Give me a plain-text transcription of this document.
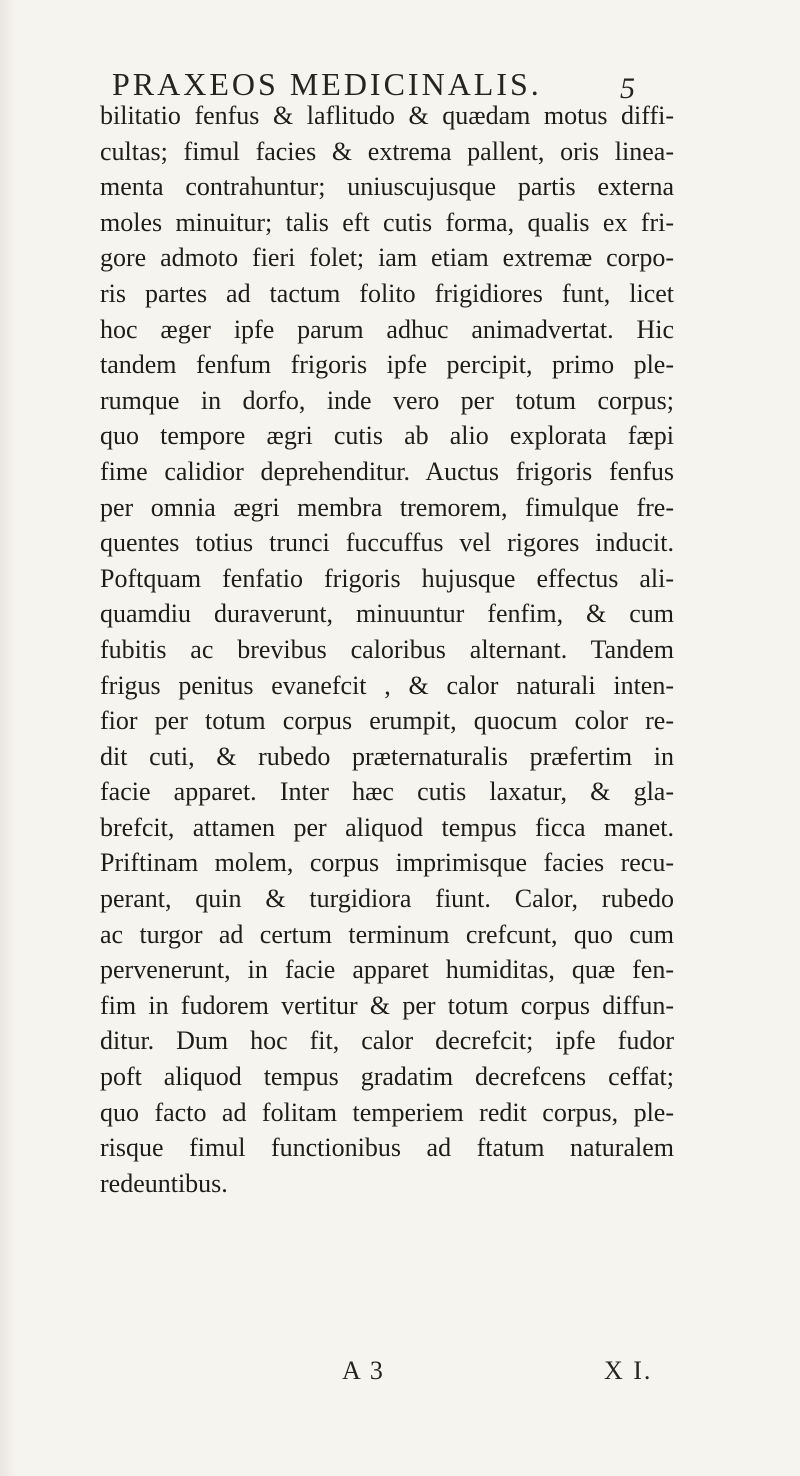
PRAXEOS MEDICINALIS.	5
bilitatio fenfus & laflitudo & quædam motus diffi-
cultas; fimul facies & extrema pallent, oris linea-
menta contrahuntur; uniuscujusque partis externa
moles minuitur; talis eft cutis forma, qualis ex fri-
gore admoto fieri folet; iam etiam extremæ corpo-
ris partes ad tactum folito frigidiores funt, licet
hoc æger ipfe parum adhuc animadvertat. Hic
tandem fenfum frigoris ipfe percipit, primo ple-
rumque in dorfo, inde vero per totum corpus;
quo tempore ægri cutis ab alio explorata fæpi
fime calidior deprehenditur. Auctus frigoris fenfus
per omnia ægri membra tremorem, fimulque fre-
quentes totius trunci fuccuffus vel rigores inducit.
Poftquam fenfatio frigoris hujusque effectus ali-
quamdiu duraverunt, minuuntur fenfim, & cum
fubitis ac brevibus caloribus alternant. Tandem
frigus penitus evanefcit , & calor naturali inten-
fior per totum corpus erumpit, quocum color re-
dit cuti, & rubedo præternaturalis præfertim in
facie apparet. Inter hæc cutis laxatur, & gla-
brefcit, attamen per aliquod tempus ficca manet.
Priftinam molem, corpus imprimisque facies recu-
perant, quin & turgidiora fiunt. Calor, rubedo
ac turgor ad certum terminum crefcunt, quo cum
pervenerunt, in facie apparet humiditas, quæ fen-
fim in fudorem vertitur & per totum corpus diffun-
ditur. Dum hoc fit, calor decrefcit; ipfe fudor
poft aliquod tempus gradatim decrefcens ceffat;
quo facto ad folitam temperiem redit corpus, ple-
risque fimul functionibus ad ftatum naturalem
redeuntibus.
A 3	X I.
